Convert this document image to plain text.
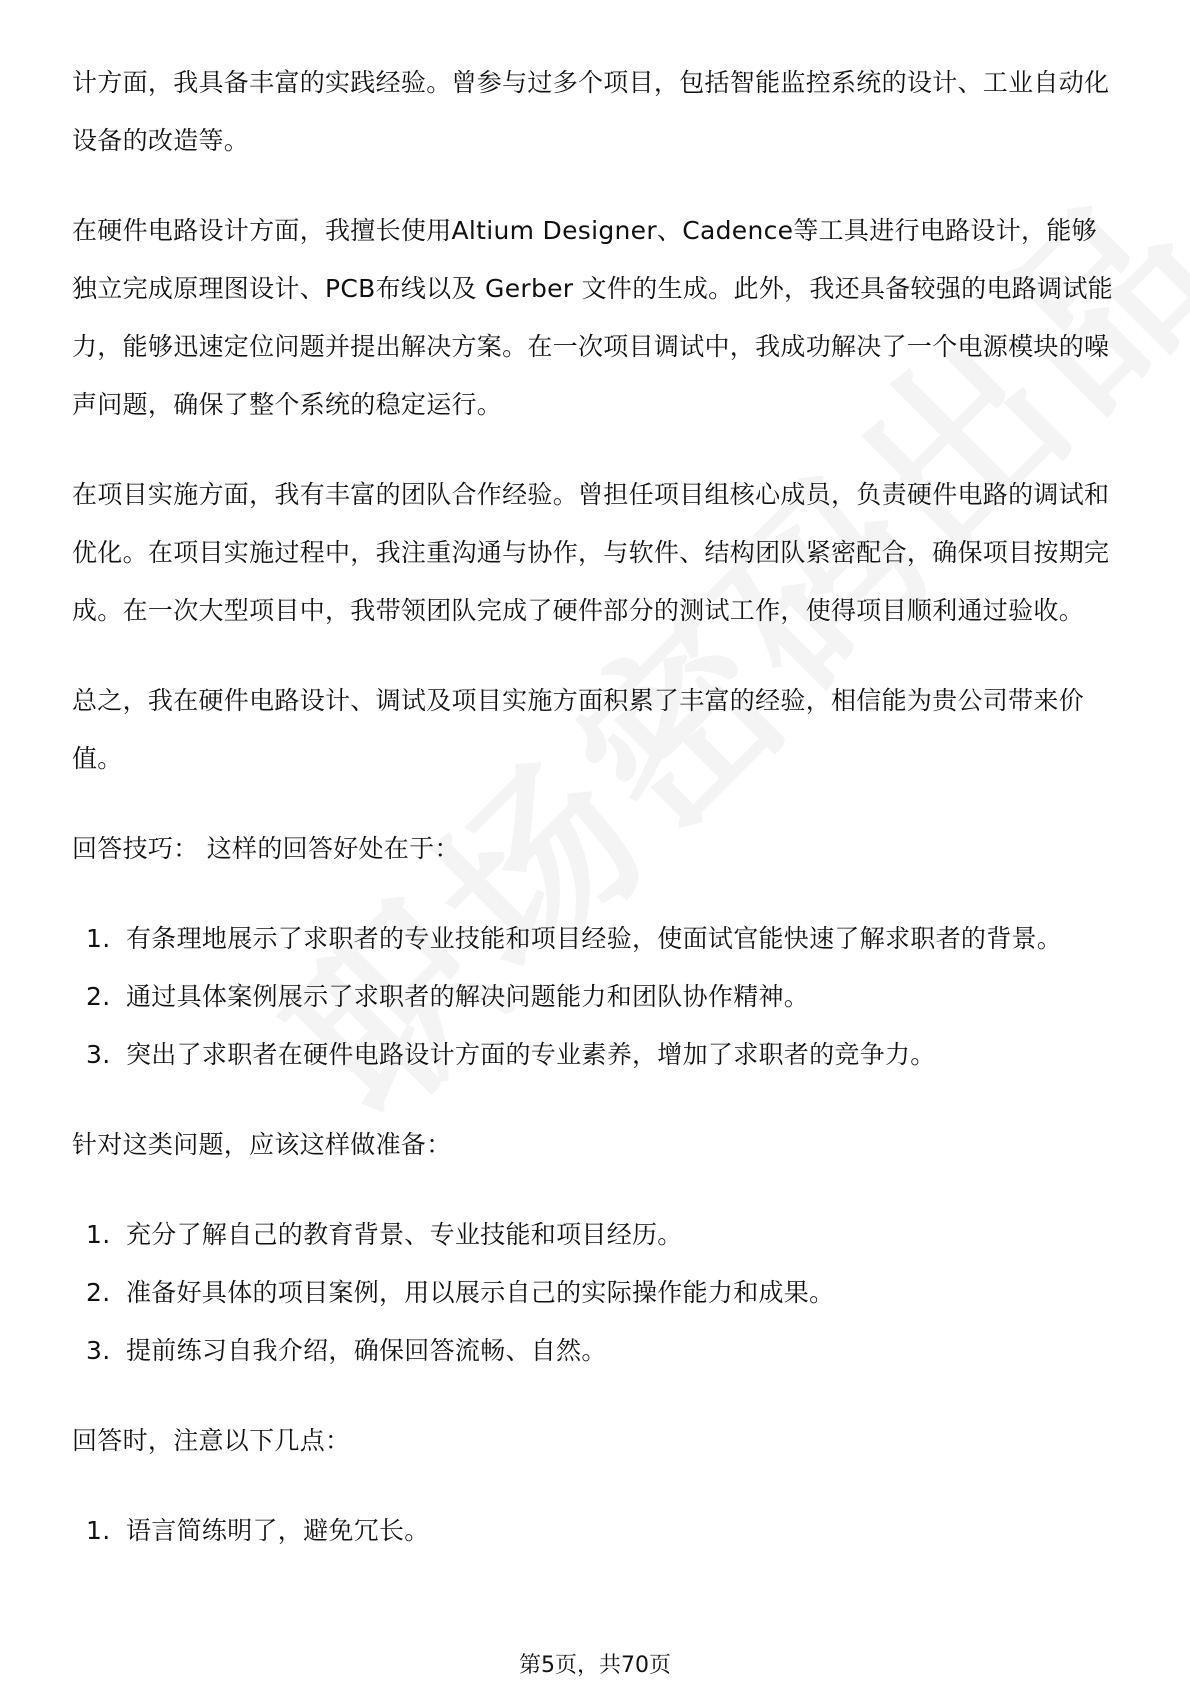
计方面，我具备丰富的实践经验。曾参与过多个项目，包括智能监控系统的设计、工业自动化设备的改造等。

在硬件电路设计方面，我擅长使用Altium Designer、Cadence等工具进行电路设计，能够独立完成原理图设计、PCB布线以及 Gerber 文件的生成。此外，我还具备较强的电路调试能力，能够迅速定位问题并提出解决方案。在一次项目调试中，我成功解决了一个电源模块的噪声问题，确保了整个系统的稳定运行。

在项目实施方面，我有丰富的团队合作经验。曾担任项目组核心成员，负责硬件电路的调试和优化。在项目实施过程中，我注重沟通与协作，与软件、结构团队紧密配合，确保项目按期完成。在一次大型项目中，我带领团队完成了硬件部分的测试工作，使得项目顺利通过验收。

总之，我在硬件电路设计、调试及项目实施方面积累了丰富的经验，相信能为贵公司带来价值。

回答技巧： 这样的回答好处在于：

1. 有条理地展示了求职者的专业技能和项目经验，使面试官能快速了解求职者的背景。
2. 通过具体案例展示了求职者的解决问题能力和团队协作精神。
3. 突出了求职者在硬件电路设计方面的专业素养，增加了求职者的竞争力。

针对这类问题，应该这样做准备：

1. 充分了解自己的教育背景、专业技能和项目经历。
2. 准备好具体的项目案例，用以展示自己的实际操作能力和成果。
3. 提前练习自我介绍，确保回答流畅、自然。

回答时，注意以下几点：

1. 语言简练明了，避免冗长。
第5页，共70页
